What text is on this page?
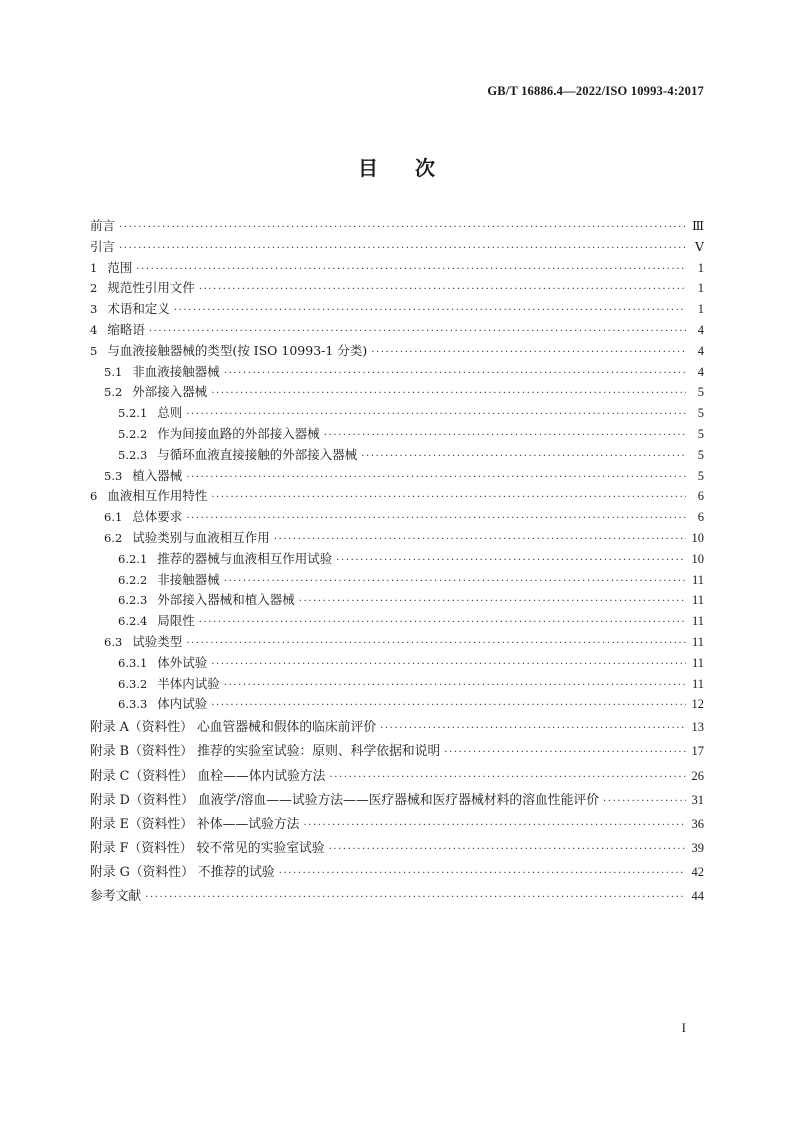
GB/T 16886.4—2022/ISO 10993-4:2017
目 次
前言 ·····	Ⅲ
引言 ·····	Ⅴ
1 范围 ·····	1
2 规范性引用文件 ·····	1
3 术语和定义 ·····	1
4 缩略语 ·····	4
5 与血液接触器械的类型(按 ISO 10993-1 分类) ·····	4
5.1 非血液接触器械 ·····	4
5.2 外部接入器械 ·····	5
5.2.1 总则 ·····	5
5.2.2 作为间接血路的外部接入器械 ·····	5
5.2.3 与循环血液直接接触的外部接入器械 ·····	5
5.3 植入器械 ·····	5
6 血液相互作用特性 ·····	6
6.1 总体要求 ·····	6
6.2 试验类别与血液相互作用 ·····	10
6.2.1 推荐的器械与血液相互作用试验 ·····	10
6.2.2 非接触器械 ·····	11
6.2.3 外部接入器械和植入器械 ·····	11
6.2.4 局限性 ·····	11
6.3 试验类型 ·····	11
6.3.1 体外试验 ·····	11
6.3.2 半体内试验 ·····	11
6.3.3 体内试验 ·····	12
附录 A（资料性） 心血管器械和假体的临床前评价 ·····	13
附录 B（资料性） 推荐的实验室试验：原则、科学依据和说明 ·····	17
附录 C（资料性） 血栓——体内试验方法 ·····	26
附录 D（资料性） 血液学/溶血——试验方法——医疗器械和医疗器械材料的溶血性能评价 ·····	31
附录 E（资料性） 补体——试验方法 ·····	36
附录 F（资料性） 较不常见的实验室试验 ·····	39
附录 G（资料性） 不推荐的试验 ·····	42
参考文献 ·····	44
I
